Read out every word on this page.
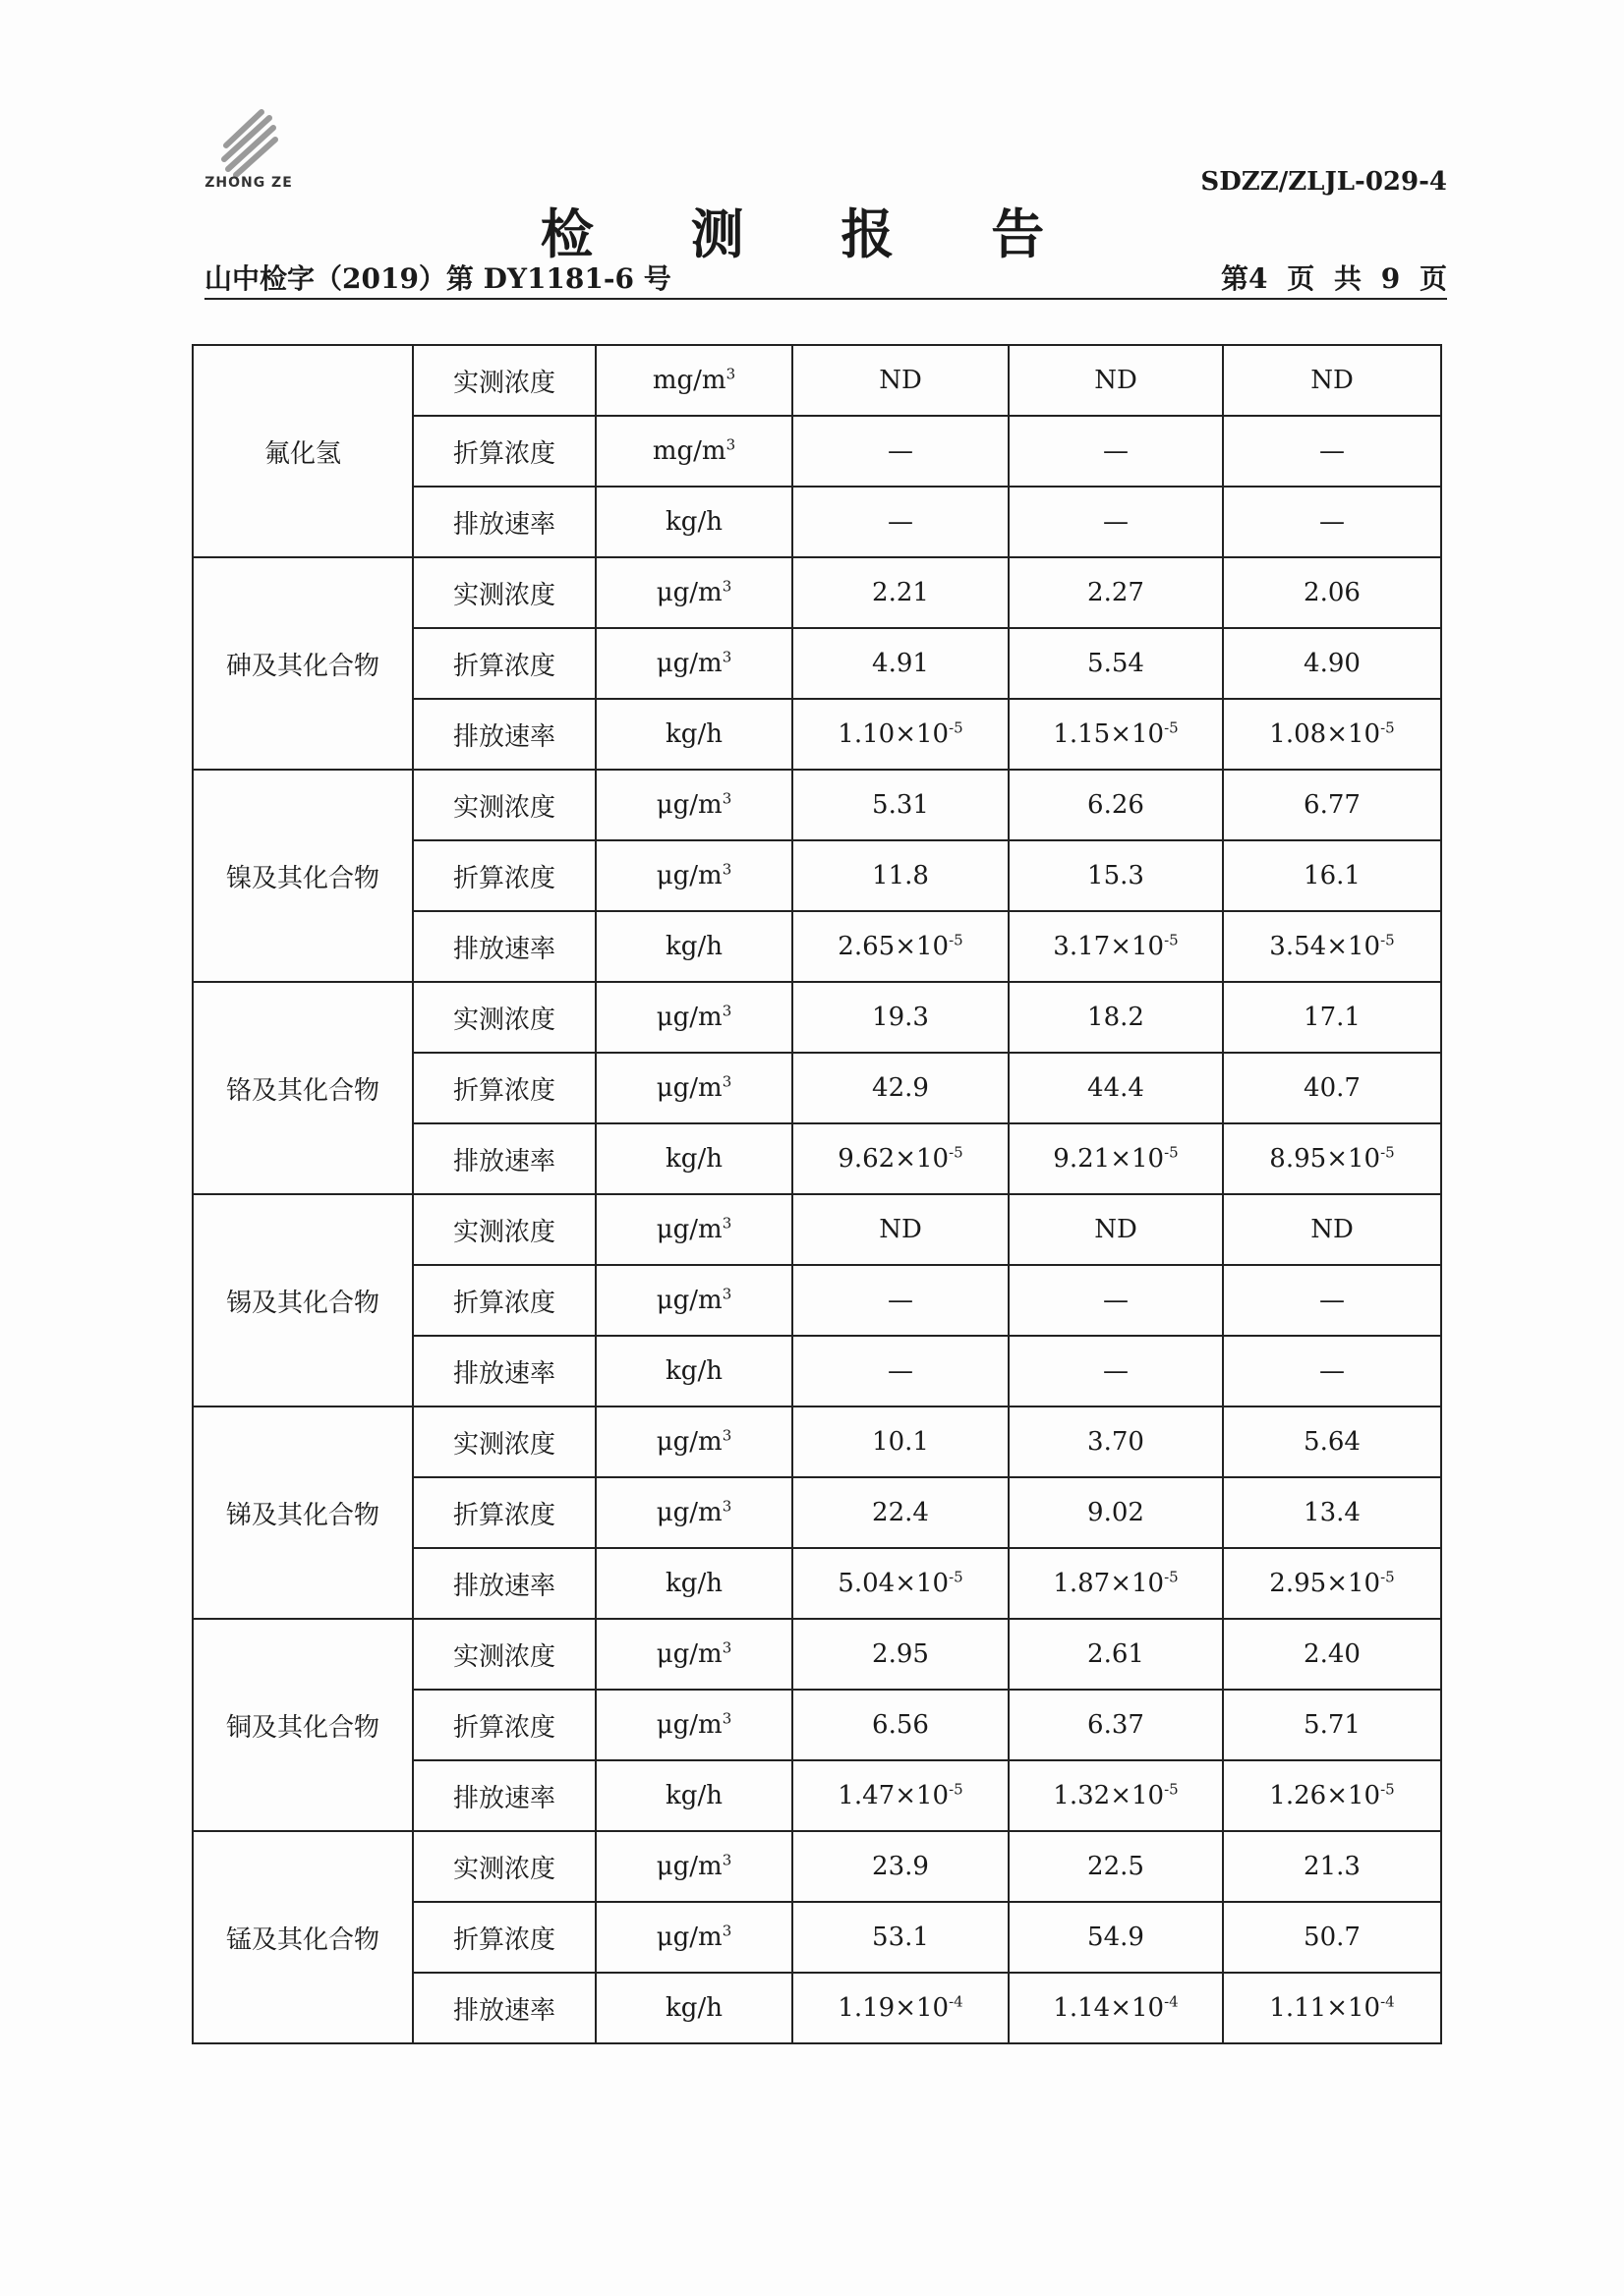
ZHONG ZE	SDZZ/ZLJL-029-4
检 测 报 告
山中检字（2019）第 DY1181-6 号	第4 页 共 9 页
氟化氢	实测浓度	$mg/m^3$	ND	ND	ND
	折算浓度	$mg/m^3$	—	—	—
	排放速率	kg/h	—	—	—
砷及其化合物	实测浓度	$\mu g/m^3$	2.21	2.27	2.06
	折算浓度	$\mu g/m^3$	4.91	5.54	4.90
	排放速率	kg/h	$1.10\times 10^{-5}$	$1.15\times 10^{-5}$	$1.08\times 10^{-5}$
镍及其化合物	实测浓度	$\mu g/m^3$	5.31	6.26	6.77
	折算浓度	$\mu g/m^3$	11.8	15.3	16.1
	排放速率	kg/h	$2.65\times 10^{-5}$	$3.17\times 10^{-5}$	$3.54\times 10^{-5}$
铬及其化合物	实测浓度	$\mu g/m^3$	19.3	18.2	17.1
	折算浓度	$\mu g/m^3$	42.9	44.4	40.7
	排放速率	kg/h	$9.62\times 10^{-5}$	$9.21\times 10^{-5}$	$8.95\times 10^{-5}$
锡及其化合物	实测浓度	$\mu g/m^3$	ND	ND	ND
	折算浓度	$\mu g/m^3$	—	—	—
	排放速率	kg/h	—	—	—
锑及其化合物	实测浓度	$\mu g/m^3$	10.1	3.70	5.64
	折算浓度	$\mu g/m^3$	22.4	9.02	13.4
	排放速率	kg/h	$5.04\times 10^{-5}$	$1.87\times 10^{-5}$	$2.95\times 10^{-5}$
铜及其化合物	实测浓度	$\mu g/m^3$	2.95	2.61	2.40
	折算浓度	$\mu g/m^3$	6.56	6.37	5.71
	排放速率	kg/h	$1.47\times 10^{-5}$	$1.32\times 10^{-5}$	$1.26\times 10^{-5}$
锰及其化合物	实测浓度	$\mu g/m^3$	23.9	22.5	21.3
	折算浓度	$\mu g/m^3$	53.1	54.9	50.7
	排放速率	kg/h	$1.19\times 10^{-4}$	$1.14\times 10^{-4}$	$1.11\times 10^{-4}$
